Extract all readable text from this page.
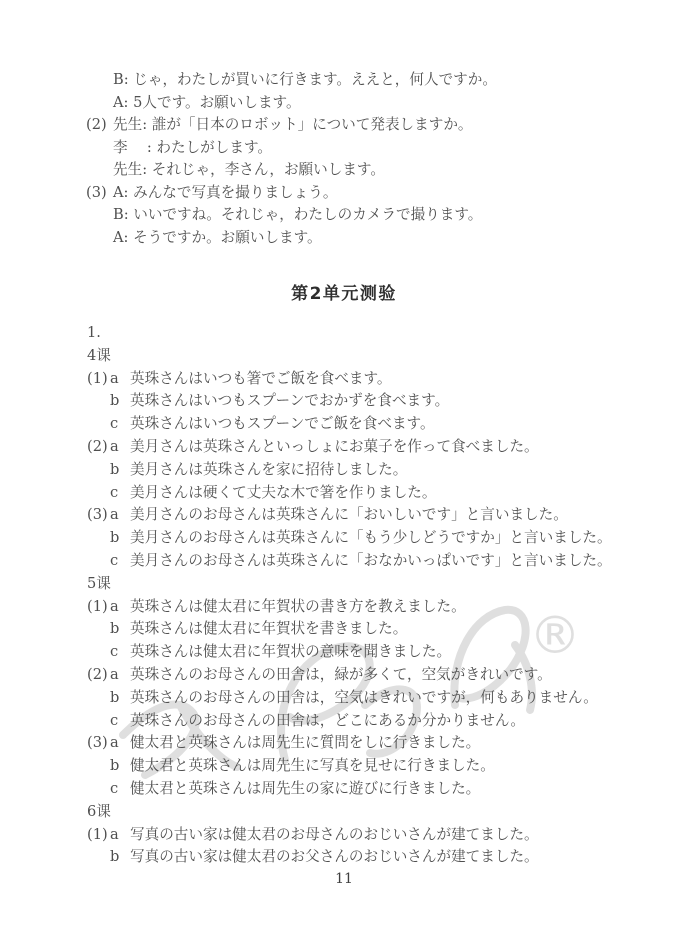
®
B: じゃ，わたしが買いに行きます。ええと，何人ですか。
A: 5人です。お願いします。
(2) 先生: 誰が「日本のロボット」について発表しますか。
李　 : わたしがします。
先生: それじゃ，李さん，お願いします。
(3) A: みんなで写真を撮りましょう。
B: いいですね。それじゃ，わたしのカメラで撮ります。
A: そうですか。お願いします。
第2单元测验
1.
4课
(1) a 英珠さんはいつも箸でご飯を食べます。
b 英珠さんはいつもスプーンでおかずを食べます。
c 英珠さんはいつもスプーンでご飯を食べます。
(2) a 美月さんは英珠さんといっしょにお菓子を作って食べました。
b 美月さんは英珠さんを家に招待しました。
c 美月さんは硬くて丈夫な木で箸を作りました。
(3) a 美月さんのお母さんは英珠さんに「おいしいです」と言いました。
b 美月さんのお母さんは英珠さんに「もう少しどうですか」と言いました。
c 美月さんのお母さんは英珠さんに「おなかいっぱいです」と言いました。
5课
(1) a 英珠さんは健太君に年賀状の書き方を教えました。
b 英珠さんは健太君に年賀状を書きました。
c 英珠さんは健太君に年賀状の意味を聞きました。
(2) a 英珠さんのお母さんの田舎は，緑が多くて，空気がきれいです。
b 英珠さんのお母さんの田舎は，空気はきれいですが，何もありません。
c 英珠さんのお母さんの田舎は，どこにあるか分かりません。
(3) a 健太君と英珠さんは周先生に質問をしに行きました。
b 健太君と英珠さんは周先生に写真を見せに行きました。
c 健太君と英珠さんは周先生の家に遊びに行きました。
6课
(1) a 写真の古い家は健太君のお母さんのおじいさんが建てました。
b 写真の古い家は健太君のお父さんのおじいさんが建てました。
11
